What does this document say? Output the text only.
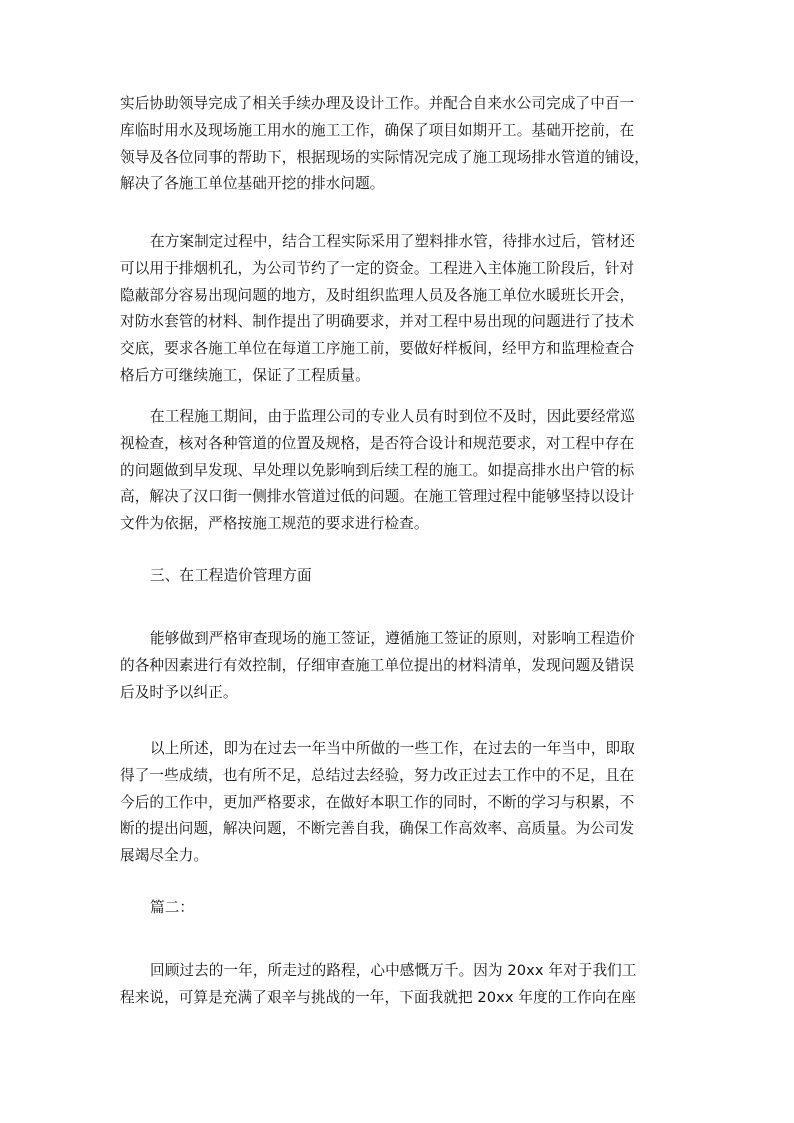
实后协助领导完成了相关手续办理及设计工作。并配合自来水公司完成了中百一
库临时用水及现场施工用水的施工工作，确保了项目如期开工。基础开挖前，在
领导及各位同事的帮助下，根据现场的实际情况完成了施工现场排水管道的铺设，
解决了各施工单位基础开挖的排水问题。
在方案制定过程中，结合工程实际采用了塑料排水管，待排水过后，管材还
可以用于排烟机孔，为公司节约了一定的资金。工程进入主体施工阶段后，针对
隐蔽部分容易出现问题的地方，及时组织监理人员及各施工单位水暖班长开会，
对防水套管的材料、制作提出了明确要求，并对工程中易出现的问题进行了技术
交底，要求各施工单位在每道工序施工前，要做好样板间，经甲方和监理检查合
格后方可继续施工，保证了工程质量。
在工程施工期间，由于监理公司的专业人员有时到位不及时，因此要经常巡
视检查，核对各种管道的位置及规格，是否符合设计和规范要求，对工程中存在
的问题做到早发现、早处理以免影响到后续工程的施工。如提高排水出户管的标
高，解决了汉口街一侧排水管道过低的问题。在施工管理过程中能够坚持以设计
文件为依据，严格按施工规范的要求进行检查。
三、在工程造价管理方面
能够做到严格审查现场的施工签证，遵循施工签证的原则，对影响工程造价
的各种因素进行有效控制，仔细审查施工单位提出的材料清单，发现问题及错误
后及时予以纠正。
以上所述，即为在过去一年当中所做的一些工作，在过去的一年当中，即取
得了一些成绩，也有所不足，总结过去经验，努力改正过去工作中的不足，且在
今后的工作中，更加严格要求，在做好本职工作的同时，不断的学习与积累，不
断的提出问题，解决问题，不断完善自我，确保工作高效率、高质量。为公司发
展竭尽全力。
篇二：
回顾过去的一年，所走过的路程，心中感慨万千。因为 20xx 年对于我们工
程来说，可算是充满了艰辛与挑战的一年，下面我就把 20xx 年度的工作向在座
